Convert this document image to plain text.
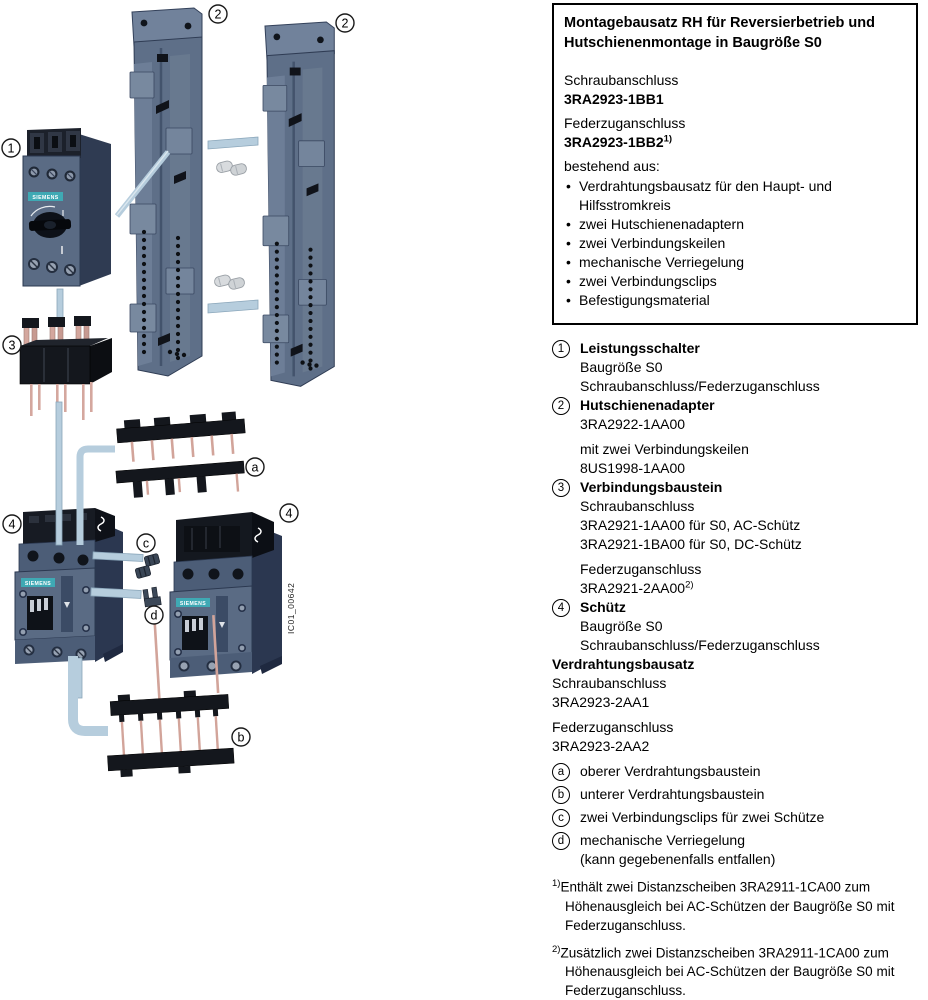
SIEMENS
SIEMENS
SIEMENS	IC01_00642
1
2
2
3
4
4
a
b
c
d
Montagebausatz RH für Reversierbetrieb und Hutschienenmontage in Baugröße S0
Schraubanschluss
3RA2923-1BB1
Federzuganschluss
3RA2923-1BB2$^{1)}$
bestehend aus:
• Verdrahtungsbausatz für den Haupt- und Hilfsstromkreis
• zwei Hutschienenadaptern
• zwei Verbindungskeilen
• mechanische Verriegelung
• zwei Verbindungsclips
• Befestigungsmaterial
1	Leistungsschalter
Baugröße S0
Schraubanschluss/Federzuganschluss
2	Hutschienenadapter
3RA2922-1AA00
mit zwei Verbindungskeilen
8US1998-1AA00
3	Verbindungsbaustein
Schraubanschluss
3RA2921-1AA00 für S0, AC-Schütz
3RA2921-1BA00 für S0, DC-Schütz
Federzuganschluss
3RA2921-2AA00$^{2)}$
4	Schütz
Baugröße S0
Schraubanschluss/Federzuganschluss
Verdrahtungsbausatz
Schraubanschluss
3RA2923-2AA1
Federzuganschluss
3RA2923-2AA2
a	oberer Verdrahtungsbaustein
b	unterer Verdrahtungsbaustein
c	zwei Verbindungsclips für zwei Schütze
d	mechanische Verriegelung
(kann gegebenenfalls entfallen)
$^{1)}$Enthält zwei Distanzscheiben 3RA2911-1CA00 zum Höhenausgleich bei AC-Schützen der Baugröße S0 mit Federzuganschluss.
$^{2)}$Zusätzlich zwei Distanzscheiben 3RA2911-1CA00 zum Höhenausgleich bei AC-Schützen der Baugröße S0 mit Federzuganschluss.
